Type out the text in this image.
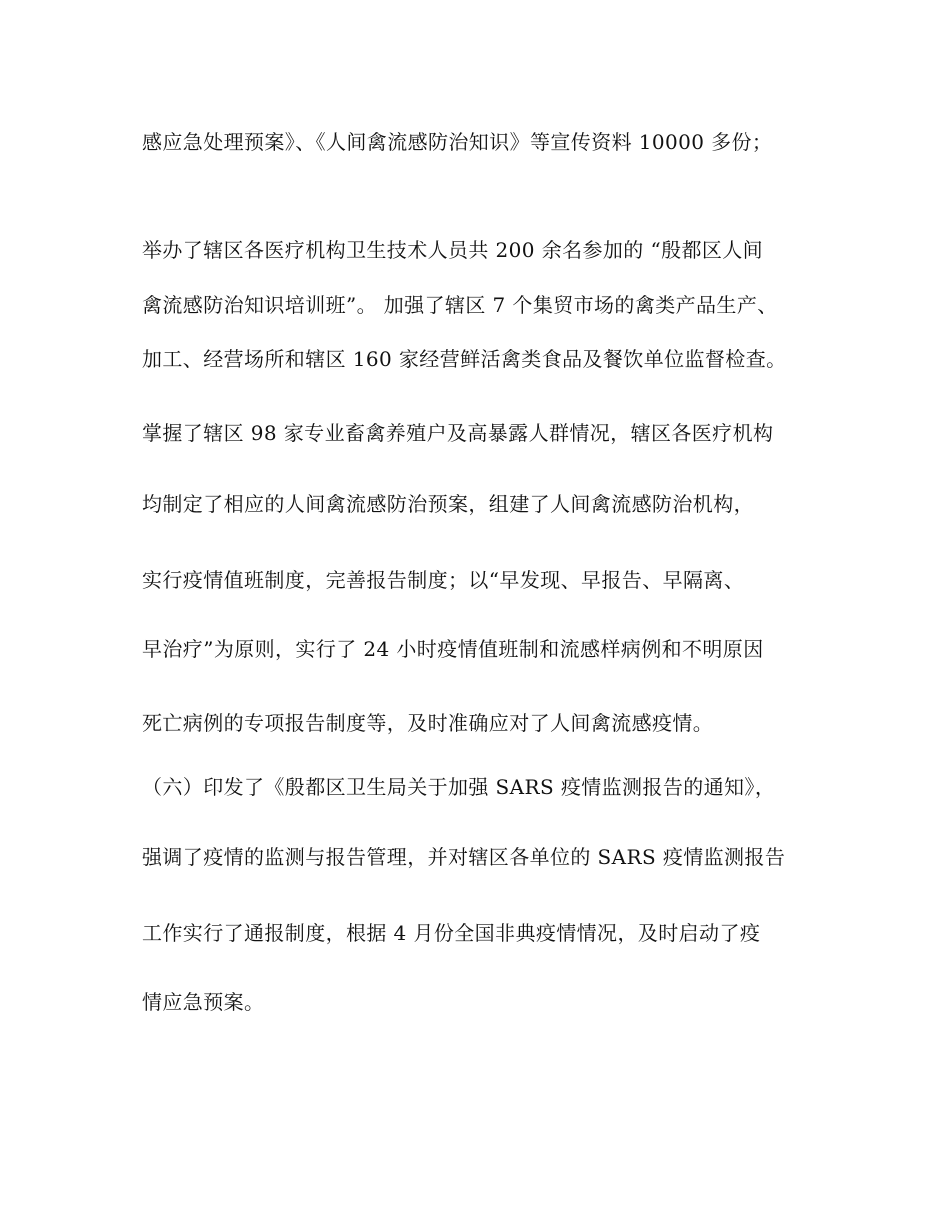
感应急处理预案》、《人间禽流感防治知识》等宣传资料 10000 多份；
举办了辖区各医疗机构卫生技术人员共 200 余名参加的 “殷都区人间
禽流感防治知识培训班”。 加强了辖区 7 个集贸市场的禽类产品生产、
加工、经营场所和辖区 160 家经营鲜活禽类食品及餐饮单位监督检查。
掌握了辖区 98 家专业畜禽养殖户及高暴露人群情况，辖区各医疗机构
均制定了相应的人间禽流感防治预案，组建了人间禽流感防治机构，
实行疫情值班制度，完善报告制度；以“早发现、早报告、早隔离、
早治疗”为原则，实行了 24 小时疫情值班制和流感样病例和不明原因
死亡病例的专项报告制度等，及时准确应对了人间禽流感疫情。
（六）印发了《殷都区卫生局关于加强 SARS 疫情监测报告的通知》，
强调了疫情的监测与报告管理，并对辖区各单位的 SARS 疫情监测报告
工作实行了通报制度，根据 4 月份全国非典疫情情况，及时启动了疫
情应急预案。
